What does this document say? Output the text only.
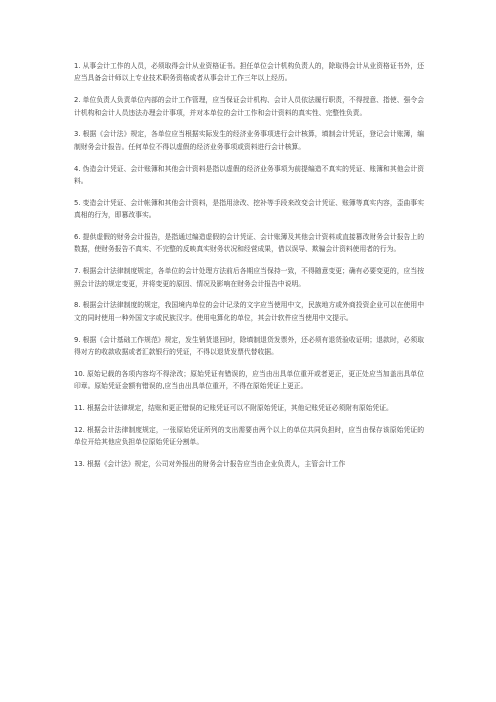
1. 从事会计工作的人员，必须取得会计从业资格证书。担任单位会计机构负责人的，除取得会计从业资格证书外，还应当具备会计师以上专业技术职务资格或者从事会计工作三年以上经历。

2. 单位负责人负责单位内部的会计工作管理，应当保证会计机构、会计人员依法履行职责，不得授意、指使、强令会计机构和会计人员违法办理会计事项，并对本单位的会计工作和会计资料的真实性、完整性负责。

3. 根据《会计法》规定，各单位应当根据实际发生的经济业务事项进行会计核算，填制会计凭证，登记会计账簿，编制财务会计报告。任何单位不得以虚假的经济业务事项或资料进行会计核算。

4. 伪造会计凭证、会计账簿和其他会计资料是指以虚假的经济业务事项为前提编造不真实的凭证、账簿和其他会计资料。

5. 变造会计凭证、会计帐簿和其他会计资料，是指用涂改、挖补等手段来改变会计凭证、账簿等真实内容，歪曲事实真相的行为，即篡改事实。

6. 提供虚假的财务会计报告，是指通过编造虚假的会计凭证、会计账簿及其他会计资料或直接篡改财务会计报告上的数据，使财务报告不真实、不完整的反映真实财务状况和经营成果，借以误导、欺骗会计资料使用者的行为。

7. 根据会计法律制度规定，各单位的会计处理方法前后各期应当保持一致，不得随意变更；确有必要变更的，应当按照会计法的规定变更，并将变更的原因、情况及影响在财务会计报告中说明。

8. 根据会计法律制度的规定，我国境内单位的会计记录的文字应当使用中文，民族地方或外商投资企业可以在使用中文的同时使用一种外国文字或民族汉字。使用电算化的单位，其会计软件应当使用中文提示。

9. 根据《会计基础工作规范》规定，发生销货退回时，除填制退货发票外，还必须有退货验收证明；退款时，必须取得对方的收款收据或者汇款银行的凭证，不得以退货发票代替收据。

10. 原始记载的各项内容均不得涂改；原始凭证有错误的，应当由出具单位重开或者更正，更正处应当加盖出具单位印章。原始凭证金额有错误的,应当由出具单位重开，不得在原始凭证上更正。

11. 根据会计法律规定，结账和更正错误的记账凭证可以不附原始凭证，其他记账凭证必须附有原始凭证。

12. 根据会计法律制度规定，一张原始凭证所列的支出需要由两个以上的单位共同负担时，应当由保存该原始凭证的单位开给其他应负担单位原始凭证分割单。

13. 根据《会计法》规定，公司对外报出的财务会计报告应当由企业负责人，主管会计工作
